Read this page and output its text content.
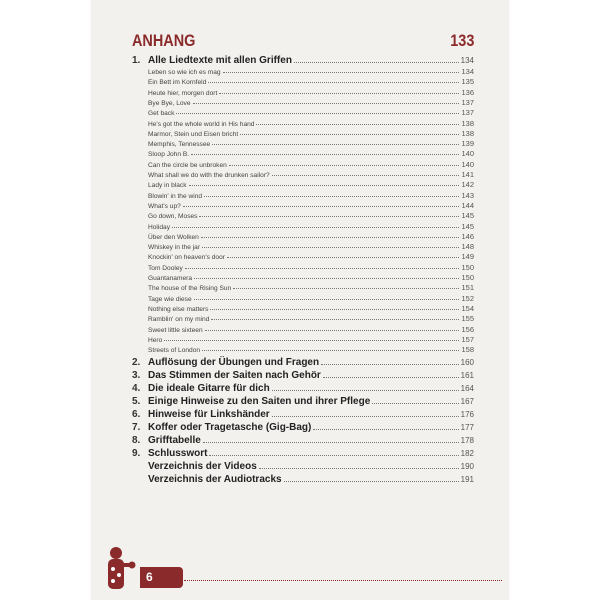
ANHANG	133
1. Alle Liedtexte mit allen Griffen	134
Leben so wie ich es mag	134
Ein Bett im Kornfeld	135
Heute hier, morgen dort	136
Bye Bye, Love	137
Get back	137
He's got the whole world in His hand	138
Marmor, Stein und Eisen bricht	138
Memphis, Tennessee	139
Sloop John B.	140
Can the circle be unbroken	140
What shall we do with the drunken sailor?	141
Lady in black	142
Blowin' in the wind	143
What's up?	144
Go down, Moses	145
Holiday	145
Über den Wolken	146
Whiskey in the jar	148
Knockin' on heaven's door	149
Tom Dooley	150
Guantanamera	150
The house of the Rising Sun	151
Tage wie diese	152
Nothing else matters	154
Ramblin' on my mind	155
Sweet little sixteen	156
Hero	157
Streets of London	158
2. Auflösung der Übungen und Fragen	160
3. Das Stimmen der Saiten nach Gehör	161
4. Die ideale Gitarre für dich	164
5. Einige Hinweise zu den Saiten und ihrer Pflege	167
6. Hinweise für Linkshänder	176
7. Koffer oder Tragetasche (Gig-Bag)	177
8. Grifftabelle	178
9. Schlusswort	182
Verzeichnis der Videos	190
Verzeichnis der Audiotracks	191
6
